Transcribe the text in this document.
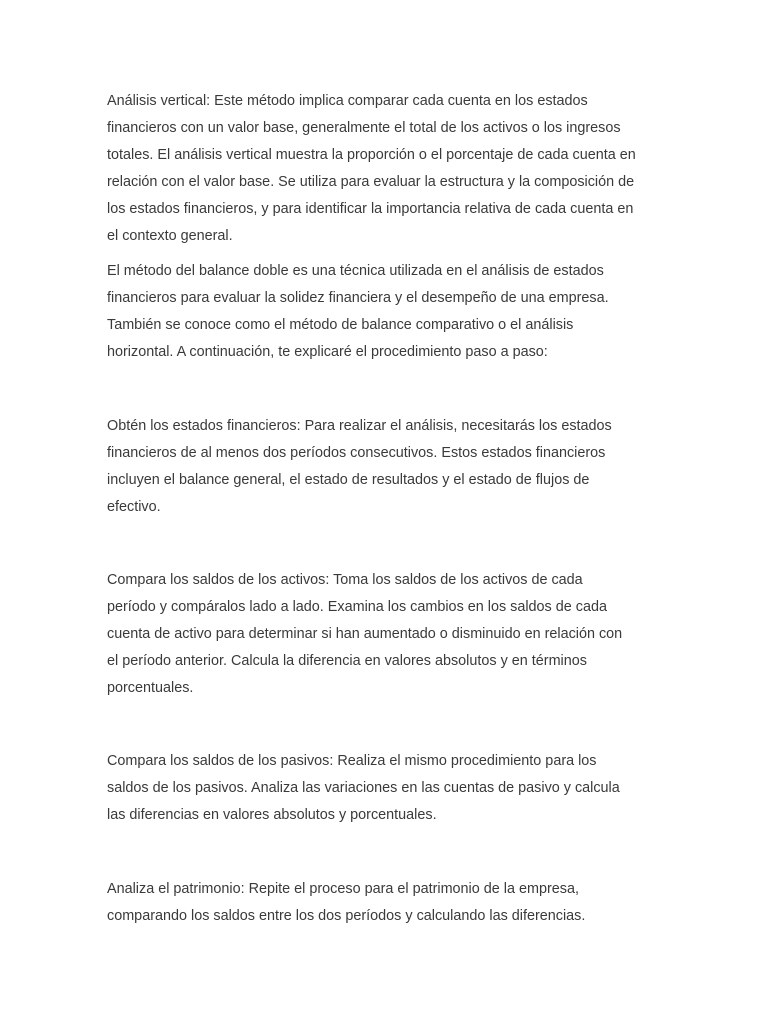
Análisis vertical: Este método implica comparar cada cuenta en los estados
financieros con un valor base, generalmente el total de los activos o los ingresos
totales. El análisis vertical muestra la proporción o el porcentaje de cada cuenta en
relación con el valor base. Se utiliza para evaluar la estructura y la composición de
los estados financieros, y para identificar la importancia relativa de cada cuenta en
el contexto general.

El método del balance doble es una técnica utilizada en el análisis de estados
financieros para evaluar la solidez financiera y el desempeño de una empresa.
También se conoce como el método de balance comparativo o el análisis
horizontal. A continuación, te explicaré el procedimiento paso a paso:

Obtén los estados financieros: Para realizar el análisis, necesitarás los estados
financieros de al menos dos períodos consecutivos. Estos estados financieros
incluyen el balance general, el estado de resultados y el estado de flujos de
efectivo.

Compara los saldos de los activos: Toma los saldos de los activos de cada
período y compáralos lado a lado. Examina los cambios en los saldos de cada
cuenta de activo para determinar si han aumentado o disminuido en relación con
el período anterior. Calcula la diferencia en valores absolutos y en términos
porcentuales.

Compara los saldos de los pasivos: Realiza el mismo procedimiento para los
saldos de los pasivos. Analiza las variaciones en las cuentas de pasivo y calcula
las diferencias en valores absolutos y porcentuales.

Analiza el patrimonio: Repite el proceso para el patrimonio de la empresa,
comparando los saldos entre los dos períodos y calculando las diferencias.
